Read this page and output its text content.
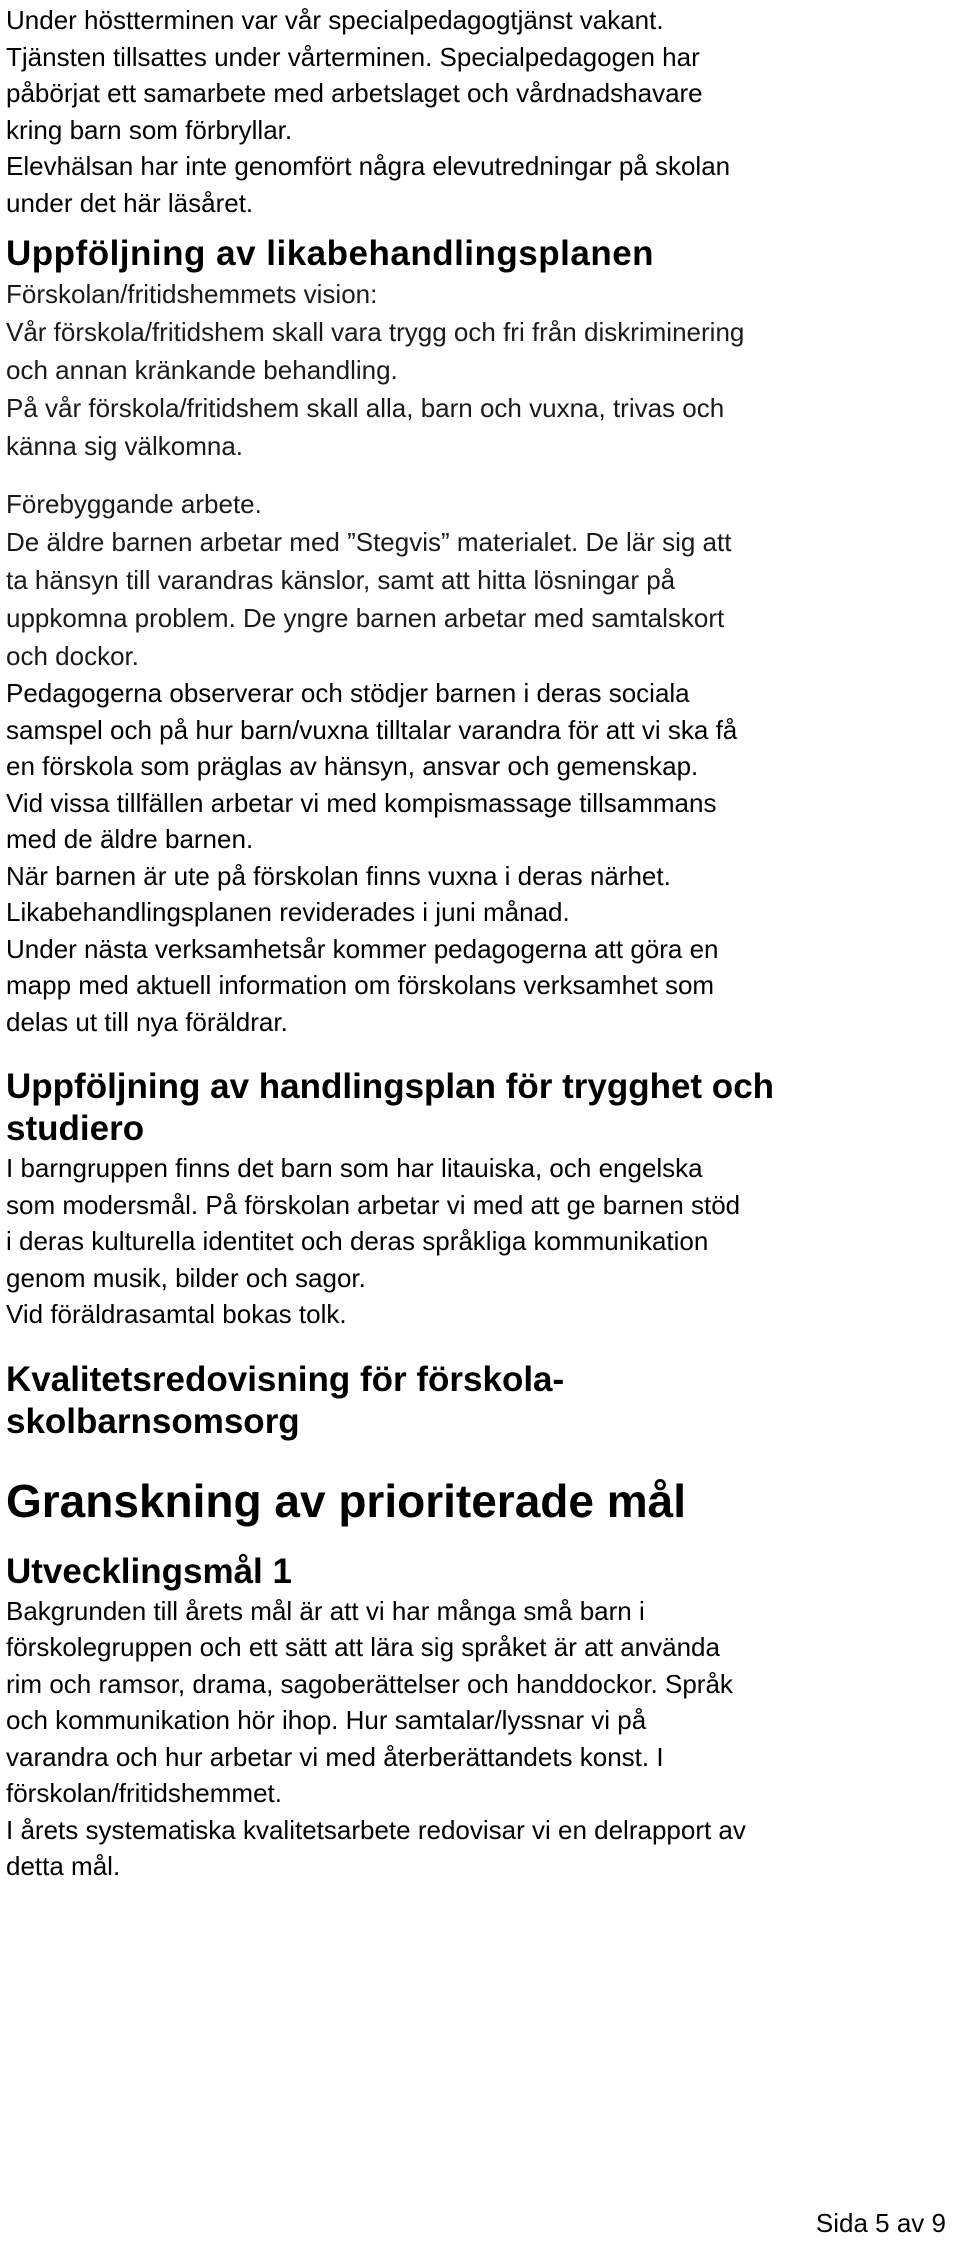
Under höstterminen var vår specialpedagogtjänst vakant.
Tjänsten tillsattes under vårterminen. Specialpedagogen har
påbörjat ett samarbete med arbetslaget och vårdnadshavare
kring barn som förbryllar.
Elevhälsan har inte genomfört några elevutredningar på skolan
under det här läsåret.
Uppföljning av likabehandlingsplanen
Förskolan/fritidshemmets vision:
Vår förskola/fritidshem skall vara trygg och fri från diskriminering
och annan kränkande behandling.
På vår förskola/fritidshem skall alla, barn och vuxna, trivas och
känna sig välkomna.
Förebyggande arbete.
De äldre barnen arbetar med ”Stegvis” materialet. De lär sig att
ta hänsyn till varandras känslor, samt att hitta lösningar på
uppkomna problem. De yngre barnen arbetar med samtalskort
och dockor.
Pedagogerna observerar och stödjer barnen i deras sociala
samspel och på hur barn/vuxna tilltalar varandra för att vi ska få
en förskola som präglas av hänsyn, ansvar och gemenskap.
Vid vissa tillfällen arbetar vi med kompismassage tillsammans
med de äldre barnen.
När barnen är ute på förskolan finns vuxna i deras närhet.
Likabehandlingsplanen reviderades i juni månad.
Under nästa verksamhetsår kommer pedagogerna att göra en
mapp med aktuell information om förskolans verksamhet som
delas ut till nya föräldrar.
Uppföljning av handlingsplan för trygghet och
studiero
I barngruppen finns det barn som har litauiska, och engelska
som modersmål. På förskolan arbetar vi med att ge barnen stöd
i deras kulturella identitet och deras språkliga kommunikation
genom musik, bilder och sagor.
Vid föräldrasamtal bokas tolk.
Kvalitetsredovisning för förskola-
skolbarnsomsorg
Granskning av prioriterade mål
Utvecklingsmål 1
Bakgrunden till årets mål är att vi har många små barn i
förskolegruppen och ett sätt att lära sig språket är att använda
rim och ramsor, drama, sagoberättelser och handdockor. Språk
och kommunikation hör ihop. Hur samtalar/lyssnar vi på
varandra och hur arbetar vi med återberättandets konst. I
förskolan/fritidshemmet.
I årets systematiska kvalitetsarbete redovisar vi en delrapport av
detta mål.
Sida 5 av 9
